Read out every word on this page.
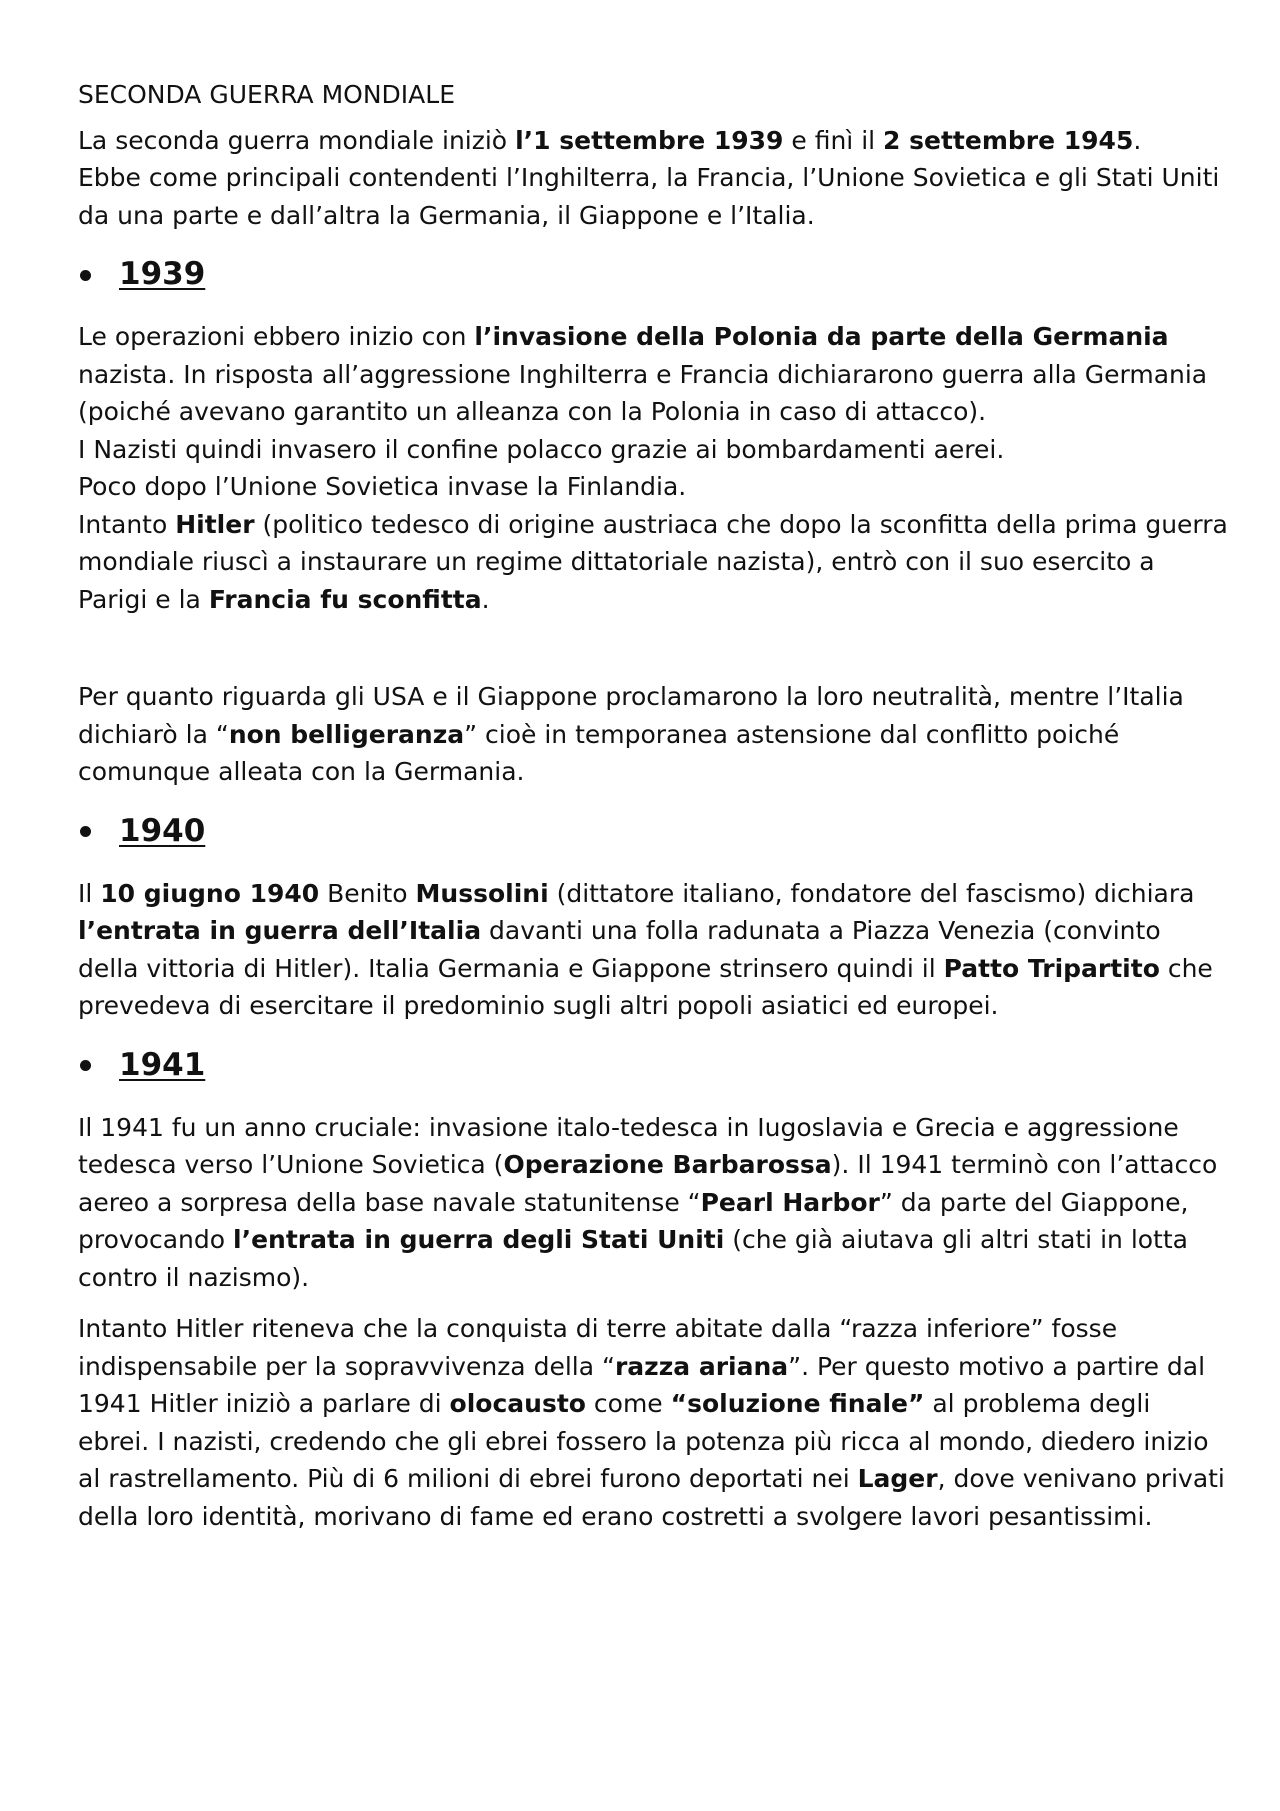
SECONDA GUERRA MONDIALE

La seconda guerra mondiale iniziò l’1 settembre 1939 e finì il 2 settembre 1945.

Ebbe come principali contendenti l’Inghilterra, la Francia, l’Unione Sovietica e gli Stati Uniti da una parte e dall’altra la Germania, il Giappone e l’Italia.

1939

Le operazioni ebbero inizio con l’invasione della Polonia da parte della Germania nazista. In risposta all’aggressione Inghilterra e Francia dichiararono guerra alla Germania (poiché avevano garantito un alleanza con la Polonia in caso di attacco).

I Nazisti quindi invasero il confine polacco grazie ai bombardamenti aerei.

Poco dopo l’Unione Sovietica invase la Finlandia.

Intanto Hitler (politico tedesco di origine austriaca che dopo la sconfitta della prima guerra mondiale riuscì a instaurare un regime dittatoriale nazista), entrò con il suo esercito a Parigi e la Francia fu sconfitta.

Per quanto riguarda gli USA e il Giappone proclamarono la loro neutralità, mentre l’Italia dichiarò la “non belligeranza” cioè in temporanea astensione dal conflitto poiché comunque alleata con la Germania.

1940

Il 10 giugno 1940 Benito Mussolini (dittatore italiano, fondatore del fascismo) dichiara l’entrata in guerra dell’Italia davanti una folla radunata a Piazza Venezia (convinto della vittoria di Hitler). Italia Germania e Giappone strinsero quindi il Patto Tripartito che prevedeva di esercitare il predominio sugli altri popoli asiatici ed europei.

1941

Il 1941 fu un anno cruciale: invasione italo-tedesca in Iugoslavia e Grecia e aggressione tedesca verso l’Unione Sovietica (Operazione Barbarossa). Il 1941 terminò con l’attacco aereo a sorpresa della base navale statunitense “Pearl Harbor” da parte del Giappone, provocando l’entrata in guerra degli Stati Uniti (che già aiutava gli altri stati in lotta contro il nazismo).

Intanto Hitler riteneva che la conquista di terre abitate dalla “razza inferiore” fosse indispensabile per la sopravvivenza della “razza ariana”. Per questo motivo a partire dal 1941 Hitler iniziò a parlare di olocausto come “soluzione finale” al problema degli ebrei. I nazisti, credendo che gli ebrei fossero la potenza più ricca al mondo, diedero inizio al rastrellamento. Più di 6 milioni di ebrei furono deportati nei Lager, dove venivano privati della loro identità, morivano di fame ed erano costretti a svolgere lavori pesantissimi.
